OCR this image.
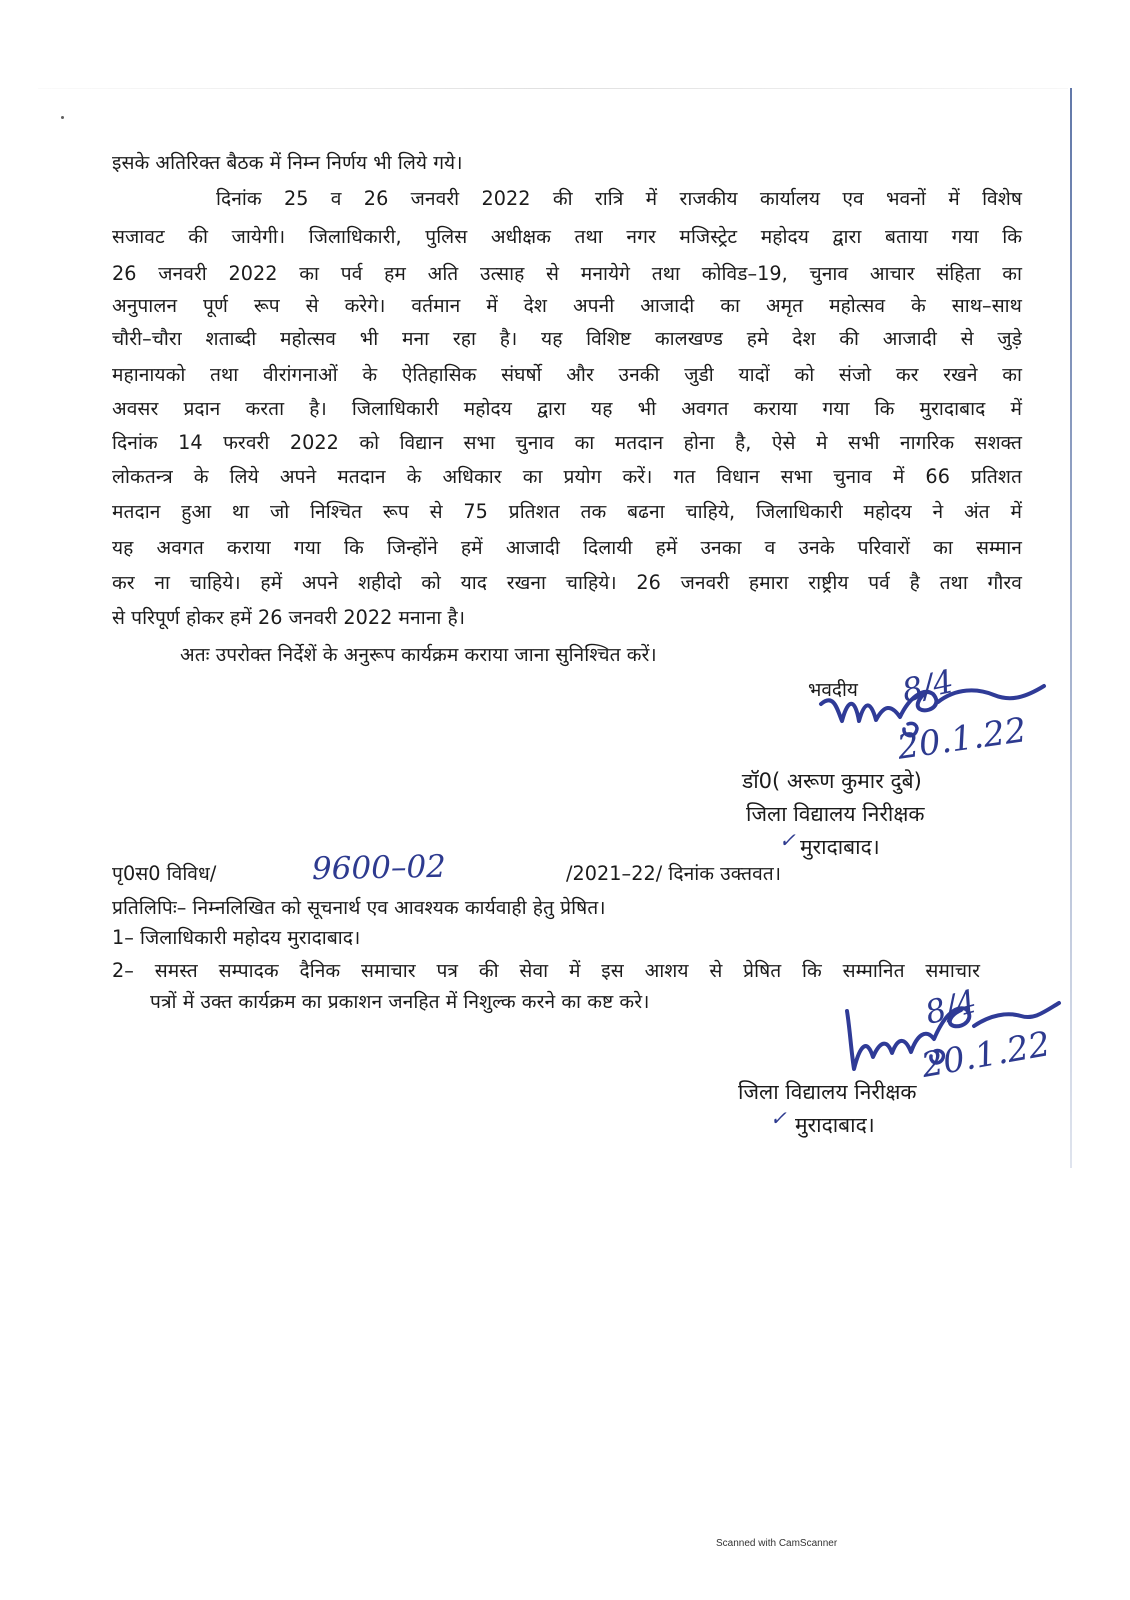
इसके अतिरिक्त बैठक में निम्न निर्णय भी लिये गये।
दिनांक 25 व 26 जनवरी 2022 की रात्रि में राजकीय कार्यालय एव भवनों में विशेष
सजावट की जायेगी। जिलाधिकारी, पुलिस अधीक्षक तथा नगर मजिस्ट्रेट महोदय द्वारा बताया गया कि
26 जनवरी 2022 का पर्व हम अति उत्साह से मनायेगे तथा कोविड–19, चुनाव आचार संहिता का
अनुपालन पूर्ण रूप से करेगे। वर्तमान में देश अपनी आजादी का अमृत महोत्सव के साथ–साथ
चौरी–चौरा शताब्दी महोत्सव भी मना रहा है। यह विशिष्ट कालखण्ड हमे देश की आजादी से जुड़े
महानायको तथा वीरांगनाओं के ऐतिहासिक संघर्षो और उनकी जुडी यादों को संजो कर रखने का
अवसर प्रदान करता है। जिलाधिकारी महोदय द्वारा यह भी अवगत कराया गया कि मुरादाबाद में
दिनांक 14 फरवरी 2022 को विद्यान सभा चुनाव का मतदान होना है, ऐसे मे सभी नागरिक सशक्त
लोकतन्त्र के लिये अपने मतदान के अधिकार का प्रयोग करें। गत विधान सभा चुनाव में 66 प्रतिशत
मतदान हुआ था जो निश्चित रूप से 75 प्रतिशत तक बढना चाहिये, जिलाधिकारी महोदय ने अंत में
यह अवगत कराया गया कि जिन्होंने हमें आजादी दिलायी हमें उनका व उनके परिवारों का सम्मान
कर ना चाहिये। हमें अपने शहीदो को याद रखना चाहिये। 26 जनवरी हमारा राष्ट्रीय पर्व है तथा गौरव
से परिपूर्ण होकर हमें 26 जनवरी 2022 मनाना है।
अतः उपरोक्त निर्देशें के अनुरूप कार्यक्रम कराया जाना सुनिश्चित करें।
भवदीय 8/4
20.1.22
डॉ0( अरूण कुमार दुबे)
जिला विद्यालय निरीक्षक
मुरादाबाद।
✓
पृ0स0 विविध/	9600–02	/2021–22/ दिनांक उक्तवत।
प्रतिलिपिः– निम्नलिखित को सूचनार्थ एव आवश्यक कार्यवाही हेतु प्रेषित।
1– जिलाधिकारी महोदय मुरादाबाद।
2– समस्त सम्पादक दैनिक समाचार पत्र की सेवा में इस आशय से प्रेषित कि सम्मानित समाचार
पत्रों में उक्त कार्यक्रम का प्रकाशन जनहित में निशुल्क करने का कष्ट करे।	8/4
20.1.22
जिला विद्यालय निरीक्षक
मुरादाबाद।
✓
Scanned with CamScanner
